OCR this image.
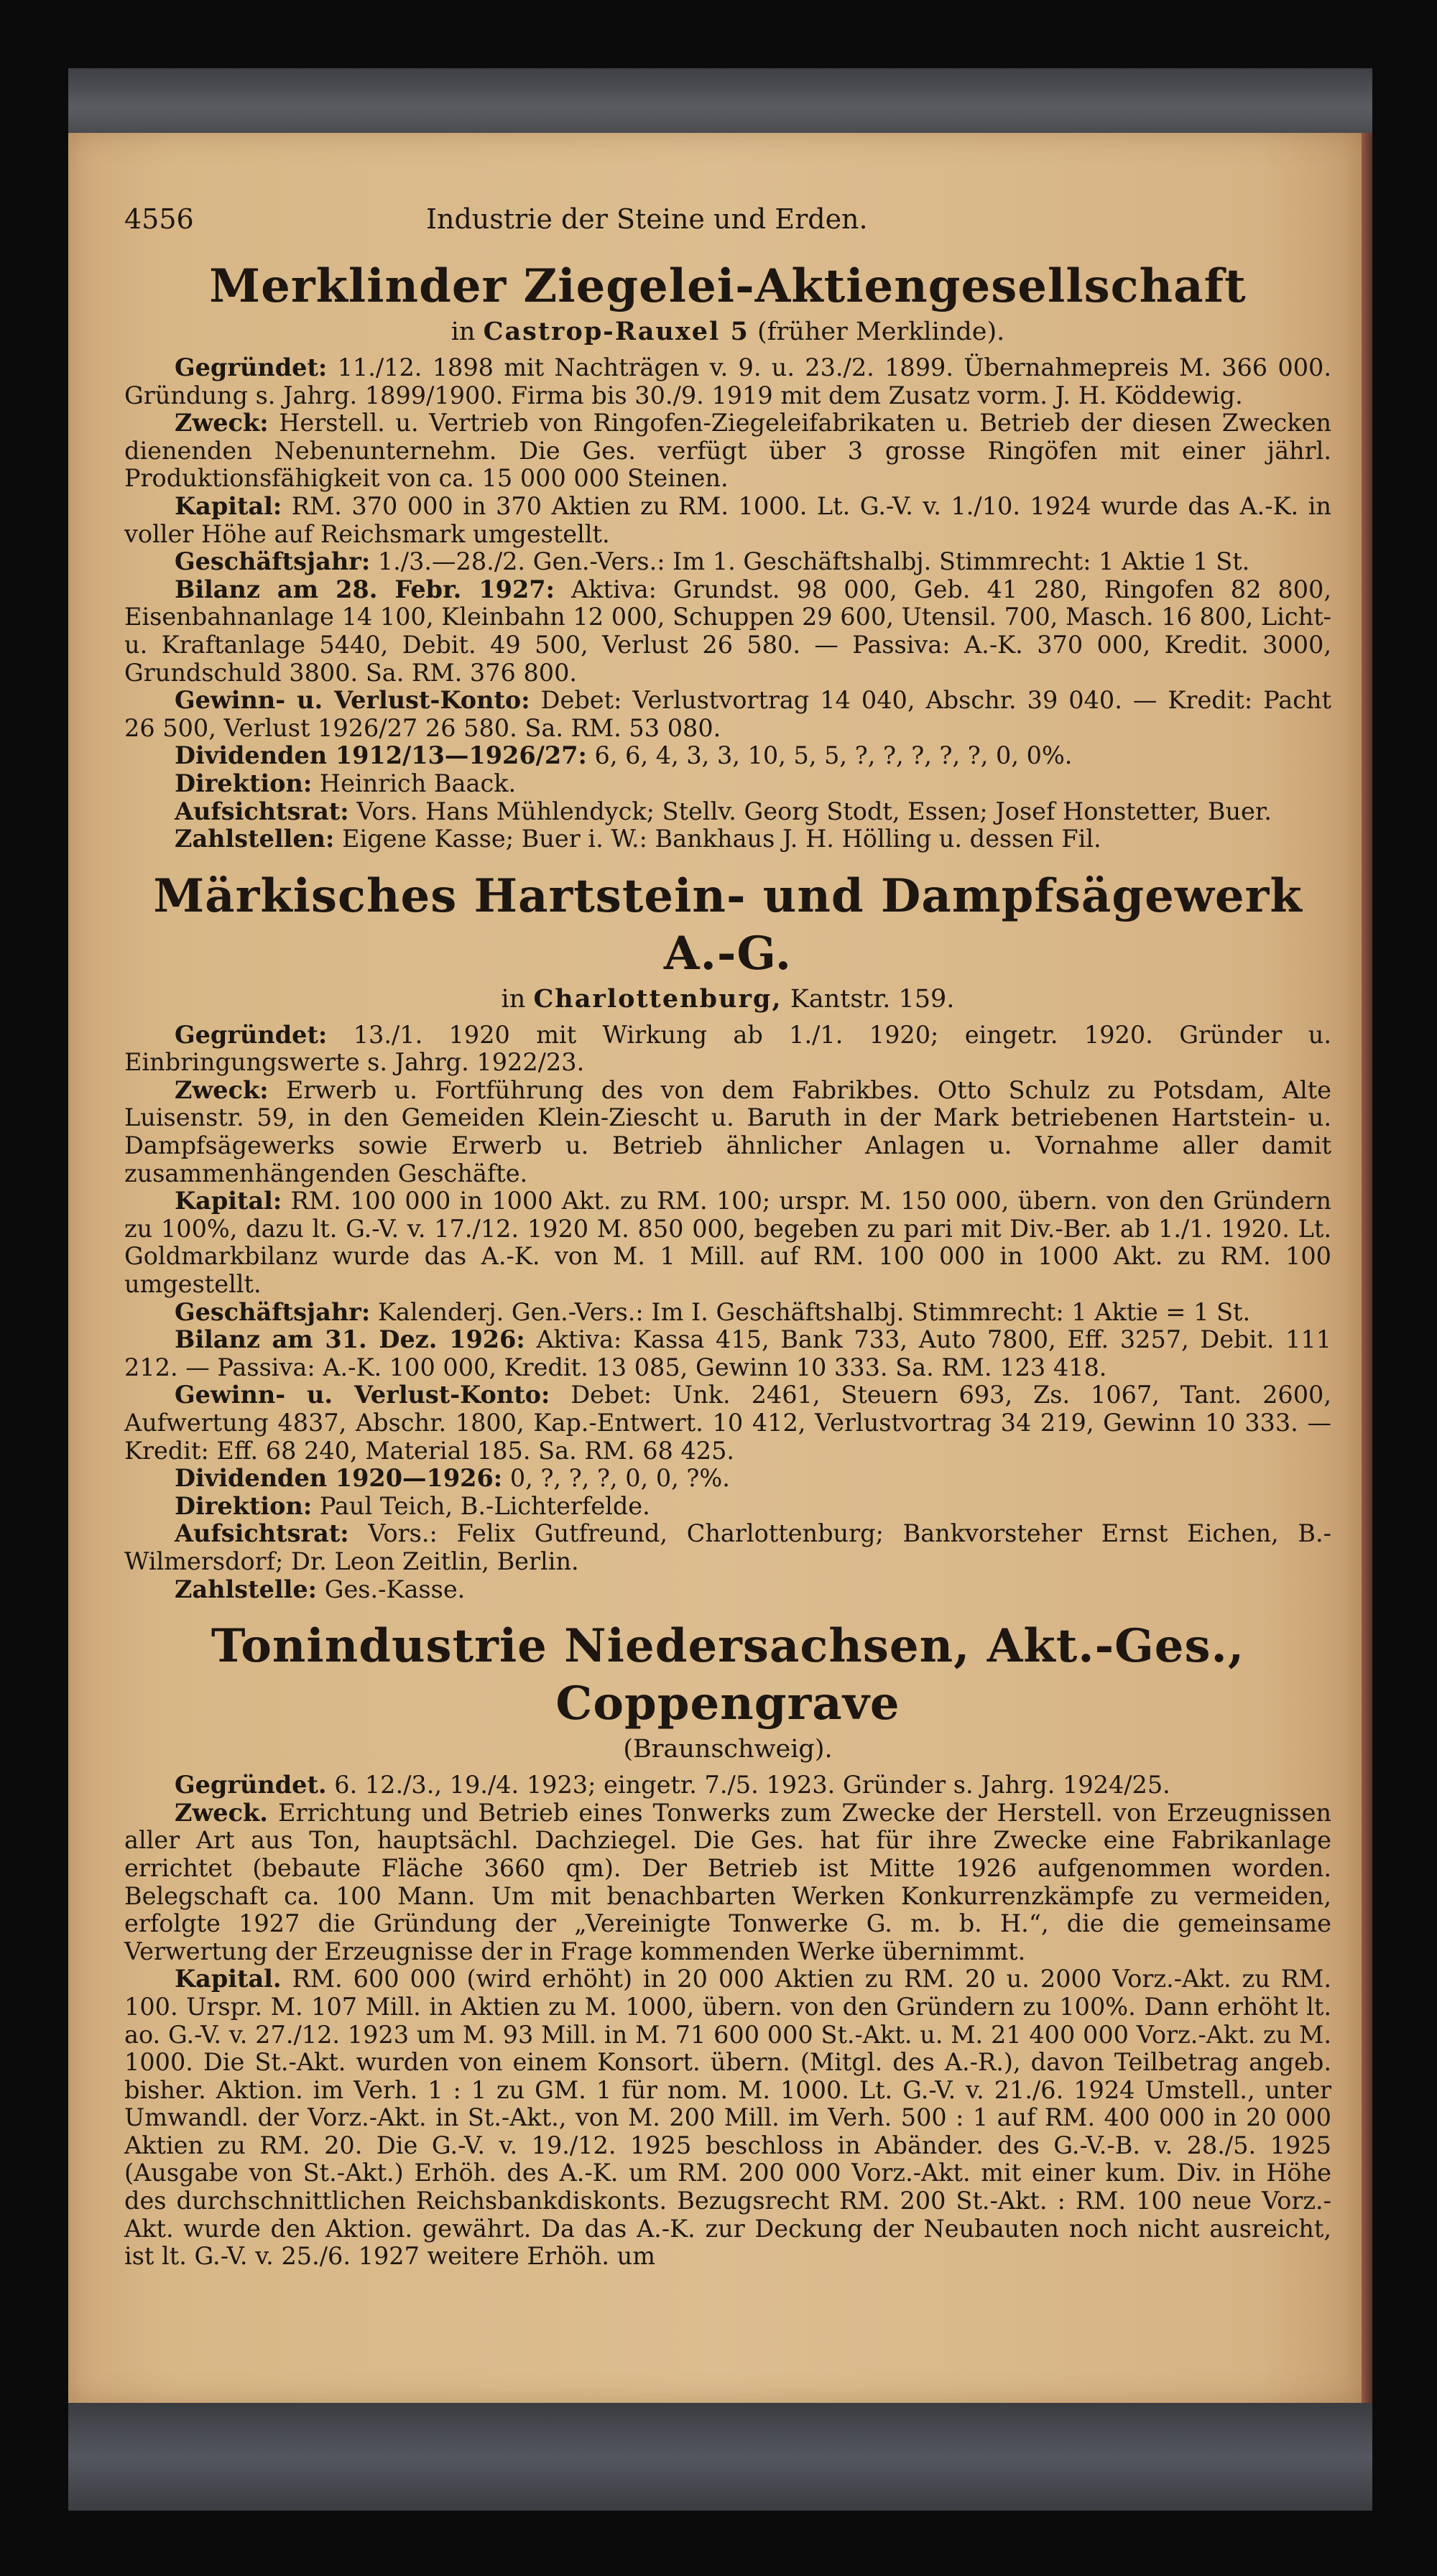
4556	Industrie der Steine und Erden.
Merklinder Ziegelei-Aktiengesellschaft
in Castrop-Rauxel 5 (früher Merklinde).

Gegründet: 11./12. 1898 mit Nachträgen v. 9. u. 23./2. 1899. Übernahmepreis M. 366 000. Gründung s. Jahrg. 1899/1900. Firma bis 30./9. 1919 mit dem Zusatz vorm. J. H. Köddewig.

Zweck: Herstell. u. Vertrieb von Ringofen-Ziegeleifabrikaten u. Betrieb der diesen Zwecken dienenden Nebenunternehm. Die Ges. verfügt über 3 grosse Ringöfen mit einer jährl. Produktionsfähigkeit von ca. 15 000 000 Steinen.

Kapital: RM. 370 000 in 370 Aktien zu RM. 1000. Lt. G.-V. v. 1./10. 1924 wurde das A.-K. in voller Höhe auf Reichsmark umgestellt.

Geschäftsjahr: 1./3.—28./2. Gen.-Vers.: Im 1. Geschäftshalbj. Stimmrecht: 1 Aktie 1 St.

Bilanz am 28. Febr. 1927: Aktiva: Grundst. 98 000, Geb. 41 280, Ringofen 82 800, Eisenbahnanlage 14 100, Kleinbahn 12 000, Schuppen 29 600, Utensil. 700, Masch. 16 800, Licht- u. Kraftanlage 5440, Debit. 49 500, Verlust 26 580. — Passiva: A.-K. 370 000, Kredit. 3000, Grundschuld 3800. Sa. RM. 376 800.

Gewinn- u. Verlust-Konto: Debet: Verlustvortrag 14 040, Abschr. 39 040. — Kredit: Pacht 26 500, Verlust 1926/27 26 580. Sa. RM. 53 080.

Dividenden 1912/13—1926/27: 6, 6, 4, 3, 3, 10, 5, 5, ?, ?, ?, ?, ?, 0, 0%.

Direktion: Heinrich Baack.

Aufsichtsrat: Vors. Hans Mühlendyck; Stellv. Georg Stodt, Essen; Josef Honstetter, Buer.

Zahlstellen: Eigene Kasse; Buer i. W.: Bankhaus J. H. Hölling u. dessen Fil.

Märkisches Hartstein- und Dampfsägewerk A.-G.
in Charlottenburg, Kantstr. 159.

Gegründet: 13./1. 1920 mit Wirkung ab 1./1. 1920; eingetr. 1920. Gründer u. Einbringungswerte s. Jahrg. 1922/23.

Zweck: Erwerb u. Fortführung des von dem Fabrikbes. Otto Schulz zu Potsdam, Alte Luisenstr. 59, in den Gemeiden Klein-Ziescht u. Baruth in der Mark betriebenen Hartstein- u. Dampfsägewerks sowie Erwerb u. Betrieb ähnlicher Anlagen u. Vornahme aller damit zusammenhängenden Geschäfte.

Kapital: RM. 100 000 in 1000 Akt. zu RM. 100; urspr. M. 150 000, übern. von den Gründern zu 100%, dazu lt. G.-V. v. 17./12. 1920 M. 850 000, begeben zu pari mit Div.-Ber. ab 1./1. 1920. Lt. Goldmarkbilanz wurde das A.-K. von M. 1 Mill. auf RM. 100 000 in 1000 Akt. zu RM. 100 umgestellt.

Geschäftsjahr: Kalenderj. Gen.-Vers.: Im I. Geschäftshalbj. Stimmrecht: 1 Aktie = 1 St.

Bilanz am 31. Dez. 1926: Aktiva: Kassa 415, Bank 733, Auto 7800, Eff. 3257, Debit. 111 212. — Passiva: A.-K. 100 000, Kredit. 13 085, Gewinn 10 333. Sa. RM. 123 418.

Gewinn- u. Verlust-Konto: Debet: Unk. 2461, Steuern 693, Zs. 1067, Tant. 2600, Aufwertung 4837, Abschr. 1800, Kap.-Entwert. 10 412, Verlustvortrag 34 219, Gewinn 10 333. — Kredit: Eff. 68 240, Material 185. Sa. RM. 68 425.

Dividenden 1920—1926: 0, ?, ?, ?, 0, 0, ?%.

Direktion: Paul Teich, B.-Lichterfelde.

Aufsichtsrat: Vors.: Felix Gutfreund, Charlottenburg; Bankvorsteher Ernst Eichen, B.-Wilmersdorf; Dr. Leon Zeitlin, Berlin.

Zahlstelle: Ges.-Kasse.

Tonindustrie Niedersachsen, Akt.-Ges., Coppengrave
(Braunschweig).

Gegründet. 6. 12./3., 19./4. 1923; eingetr. 7./5. 1923. Gründer s. Jahrg. 1924/25.

Zweck. Errichtung und Betrieb eines Tonwerks zum Zwecke der Herstell. von Erzeugnissen aller Art aus Ton, hauptsächl. Dachziegel. Die Ges. hat für ihre Zwecke eine Fabrikanlage errichtet (bebaute Fläche 3660 qm). Der Betrieb ist Mitte 1926 aufgenommen worden. Belegschaft ca. 100 Mann. Um mit benachbarten Werken Konkurrenzkämpfe zu vermeiden, erfolgte 1927 die Gründung der „Vereinigte Tonwerke G. m. b. H.“, die die gemeinsame Verwertung der Erzeugnisse der in Frage kommenden Werke übernimmt.

Kapital. RM. 600 000 (wird erhöht) in 20 000 Aktien zu RM. 20 u. 2000 Vorz.-Akt. zu RM. 100. Urspr. M. 107 Mill. in Aktien zu M. 1000, übern. von den Gründern zu 100%. Dann erhöht lt. ao. G.-V. v. 27./12. 1923 um M. 93 Mill. in M. 71 600 000 St.-Akt. u. M. 21 400 000 Vorz.-Akt. zu M. 1000. Die St.-Akt. wurden von einem Konsort. übern. (Mitgl. des A.-R.), davon Teilbetrag angeb. bisher. Aktion. im Verh. 1 : 1 zu GM. 1 für nom. M. 1000. Lt. G.-V. v. 21./6. 1924 Umstell., unter Umwandl. der Vorz.-Akt. in St.-Akt., von M. 200 Mill. im Verh. 500 : 1 auf RM. 400 000 in 20 000 Aktien zu RM. 20. Die G.-V. v. 19./12. 1925 beschloss in Abänder. des G.-V.-B. v. 28./5. 1925 (Ausgabe von St.-Akt.) Erhöh. des A.-K. um RM. 200 000 Vorz.-Akt. mit einer kum. Div. in Höhe des durchschnittlichen Reichsbankdiskonts. Bezugsrecht RM. 200 St.-Akt. : RM. 100 neue Vorz.-Akt. wurde den Aktion. gewährt. Da das A.-K. zur Deckung der Neubauten noch nicht ausreicht, ist lt. G.-V. v. 25./6. 1927 weitere Erhöh. um
